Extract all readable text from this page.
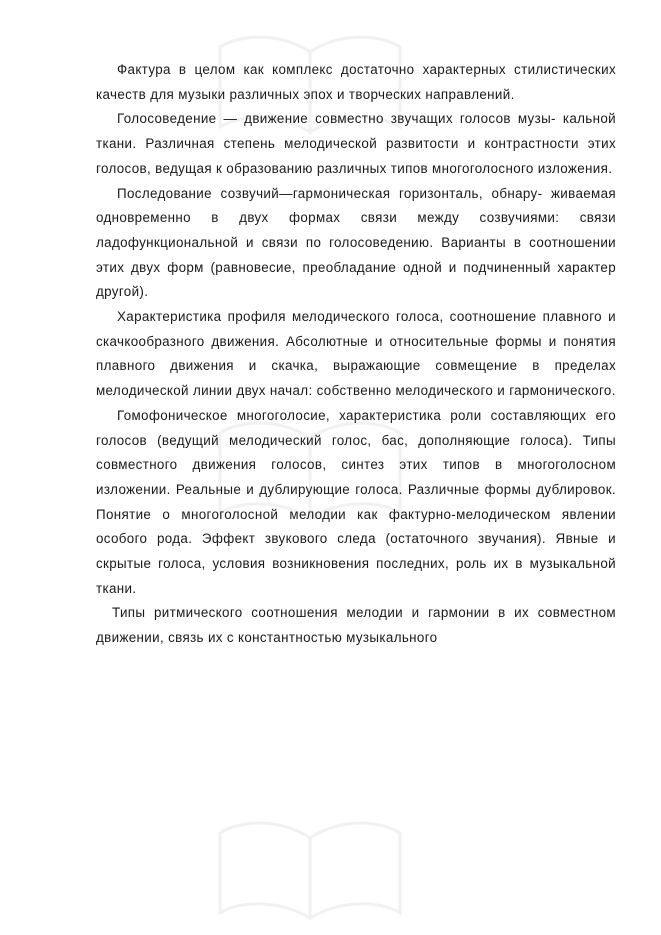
Фактура в целом как комплекс достаточно характерных стилистических качеств для музыки различных эпох и творческих направлений.

Голосоведение — движение совместно звучащих голосов музы- кальной ткани. Различная степень мелодической развитости и контрастности этих голосов, ведущая к образованию различных типов многоголосного изложения.

Последование созвучий—гармоническая горизонталь, обнару- живаемая одновременно в двух формах связи между созвучиями: связи ладофункциональной и связи по голосоведению. Варианты в соотношении этих двух форм (равновесие, преобладание одной и подчиненный характер другой).

Характеристика профиля мелодического голоса, соотношение плавного и скачкообразного движения. Абсолютные и относительные формы и понятия плавного движения и скачка, выражающие совмещение в пределах мелодической линии двух начал: собственно мелодического и гармонического.

Гомофоническое многоголосие, характеристика роли составляющих его голосов (ведущий мелодический голос, бас, дополняющие голоса). Типы совместного движения голосов, синтез этих типов в многоголосном изложении. Реальные и дублирующие голоса. Различные формы дублировок. Понятие о многоголосной мелодии как фактурно-мелодическом явлении особого рода. Эффект звукового следа (остаточного звучания). Явные и скрытые голоса, условия возникновения последних, роль их в музыкальной ткани.

Типы ритмического соотношения мелодии и гармонии в их совместном движении, связь их с константностью музыкального
